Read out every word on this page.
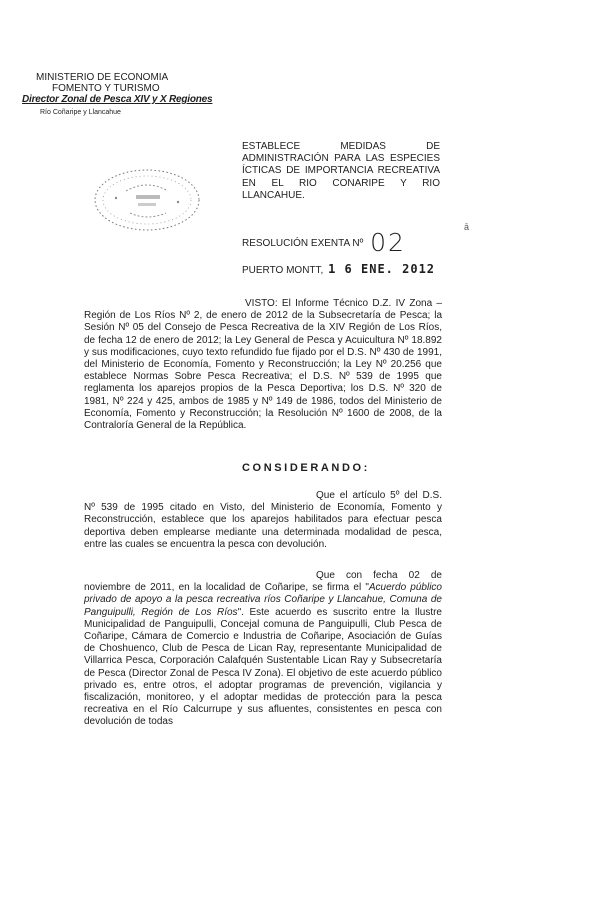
MINISTERIO DE ECONOMIA
FOMENTO Y TURISMO
Director Zonal de Pesca XIV y X Regiones
Río Coñaripe y Llancahue
ESTABLECE MEDIDAS DE ADMINISTRACIÓN PARA LAS ESPECIES ÍCTICAS DE IMPORTANCIA RECREATIVA EN EL RIO CONARIPE Y RIO LLANCAHUE.
RESOLUCIÓN EXENTA Nº 02
ā
PUERTO MONTT, 1 6 ENE. 2012
VISTO: El Informe Técnico D.Z. IV Zona – Región de Los Ríos Nº 2, de enero de 2012 de la Subsecretaría de Pesca; la Sesión Nº 05 del Consejo de Pesca Recreativa de la XIV Región de Los Ríos, de fecha 12 de enero de 2012; la Ley General de Pesca y Acuicultura Nº 18.892 y sus modificaciones, cuyo texto refundido fue fijado por el D.S. Nº 430 de 1991, del Ministerio de Economía, Fomento y Reconstrucción; la Ley Nº 20.256 que establece Normas Sobre Pesca Recreativa; el D.S. Nº 539 de 1995 que reglamenta los aparejos propios de la Pesca Deportiva; los D.S. Nº 320 de 1981, Nº 224 y 425, ambos de 1985 y Nº 149 de 1986, todos del Ministerio de Economía, Fomento y Reconstrucción; la Resolución Nº 1600 de 2008, de la Contraloría General de la República.
CONSIDERANDO:
Que el artículo 5º del D.S. Nº 539 de 1995 citado en Visto, del Ministerio de Economía, Fomento y Reconstrucción, establece que los aparejos habilitados para efectuar pesca deportiva deben emplearse mediante una determinada modalidad de pesca, entre las cuales se encuentra la pesca con devolución.
Que con fecha 02 de noviembre de 2011, en la localidad de Coñaripe, se firma el "Acuerdo público privado de apoyo a la pesca recreativa ríos Coñaripe y Llancahue, Comuna de Panguipulli, Región de Los Ríos". Este acuerdo es suscrito entre la Ilustre Municipalidad de Panguipulli, Concejal comuna de Panguipulli, Club Pesca de Coñaripe, Cámara de Comercio e Industria de Coñaripe, Asociación de Guías de Choshuenco, Club de Pesca de Lican Ray, representante Municipalidad de Villarrica Pesca, Corporación Calafquén Sustentable Lican Ray y Subsecretaría de Pesca (Director Zonal de Pesca IV Zona). El objetivo de este acuerdo público privado es, entre otros, el adoptar programas de prevención, vigilancia y fiscalización, monitoreo, y el adoptar medidas de protección para la pesca recreativa en el Río Calcurrupe y sus afluentes, consistentes en pesca con devolución de todas
